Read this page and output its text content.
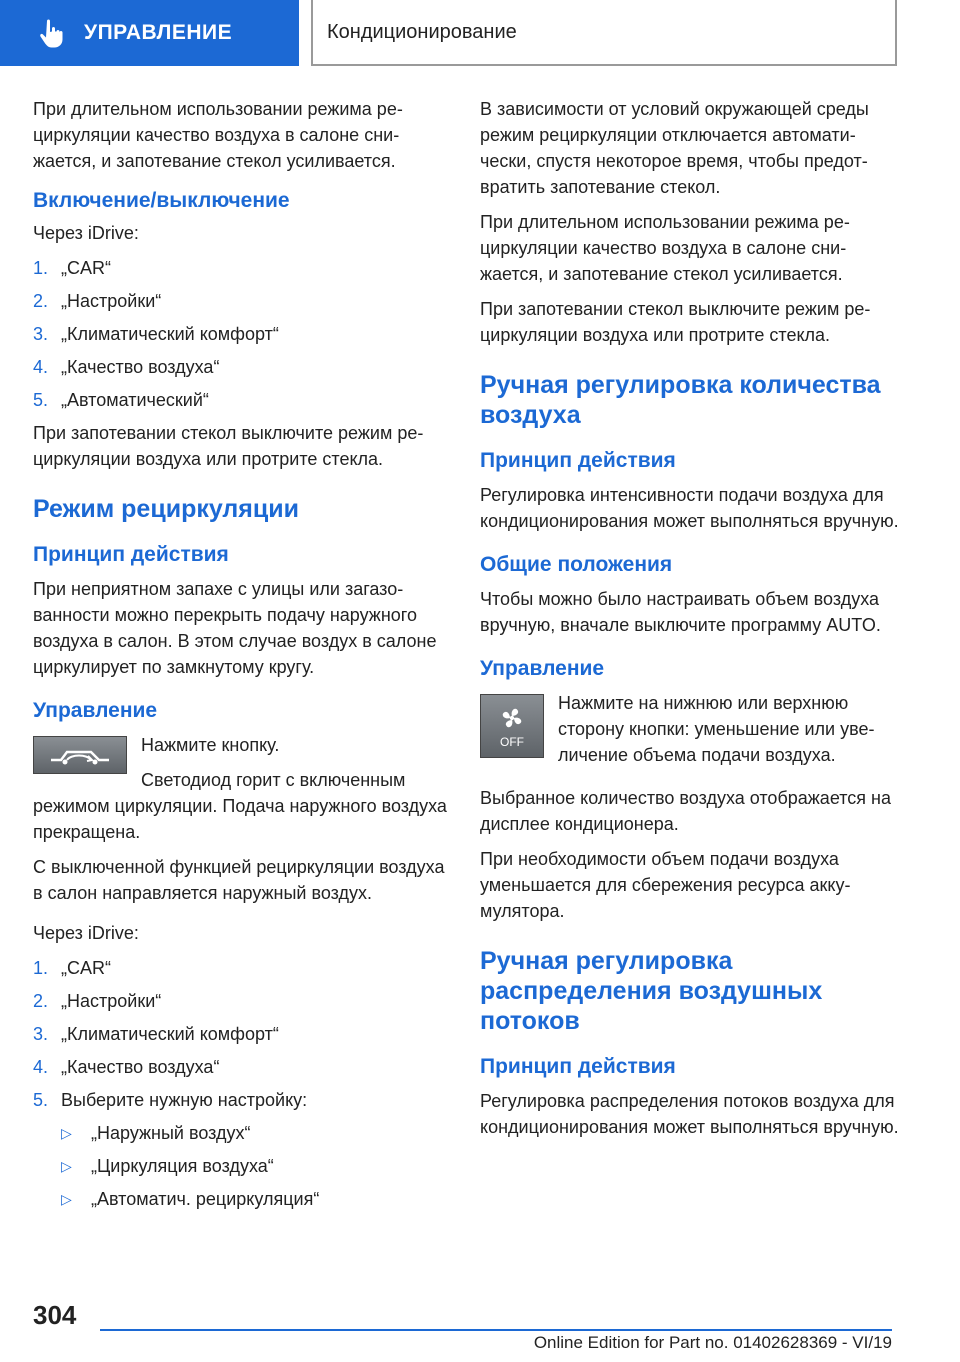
УПРАВЛЕНИЕ	Кондиционирование

При длительном использовании режима рециркуляции качество воздуха в салоне снижается, и запотевание стекол усиливается.

Включение/выключение

Через iDrive:

1. „CAR“
2. „Настройки“
3. „Климатический комфорт“
4. „Качество воздуха“
5. „Автоматический“

При запотевании стекол выключите режим рециркуляции воздуха или протрите стекла.

Режим рециркуляции
Принцип действия

При неприятном запахе с улицы или загазованности можно перекрыть подачу наружного воздуха в салон. В этом случае воздух в салоне циркулирует по замкнутому кругу.

Управление

Нажмите кнопку.

Светодиод горит с включенным режимом циркуляции. Подача наружного воздуха прекращена.

С выключенной функцией рециркуляции воздуха в салон направляется наружный воздух.

Через iDrive:

1. „CAR“
2. „Настройки“
3. „Климатический комфорт“
4. „Качество воздуха“
5. Выберите нужную настройку:
▷	„Наружный воздух“
▷	„Циркуляция воздуха“
▷	„Автоматич. рециркуляция“

В зависимости от условий окружающей среды режим рециркуляции отключается автоматически, спустя некоторое время, чтобы предотвратить запотевание стекол.

При длительном использовании режима рециркуляции качество воздуха в салоне снижается, и запотевание стекол усиливается.

При запотевании стекол выключите режим рециркуляции воздуха или протрите стекла.

Ручная регулировка количества воздуха
Принцип действия

Регулировка интенсивности подачи воздуха для кондиционирования может выполняться вручную.

Общие положения

Чтобы можно было настраивать объем воздуха вручную, вначале выключите программу AUTO.

Управление
OFF

Нажмите на нижнюю или верхнюю сторону кнопки: уменьшение или увеличение объема подачи воздуха.

Выбранное количество воздуха отображается на дисплее кондиционера.

При необходимости объем подачи воздуха уменьшается для сбережения ресурса аккумулятора.

Ручная регулировка распределения воздушных потоков
Принцип действия

Регулировка распределения потоков воздуха для кондиционирования может выполняться вручную.

304
Online Edition for Part no. 01402628369 - VI/19
